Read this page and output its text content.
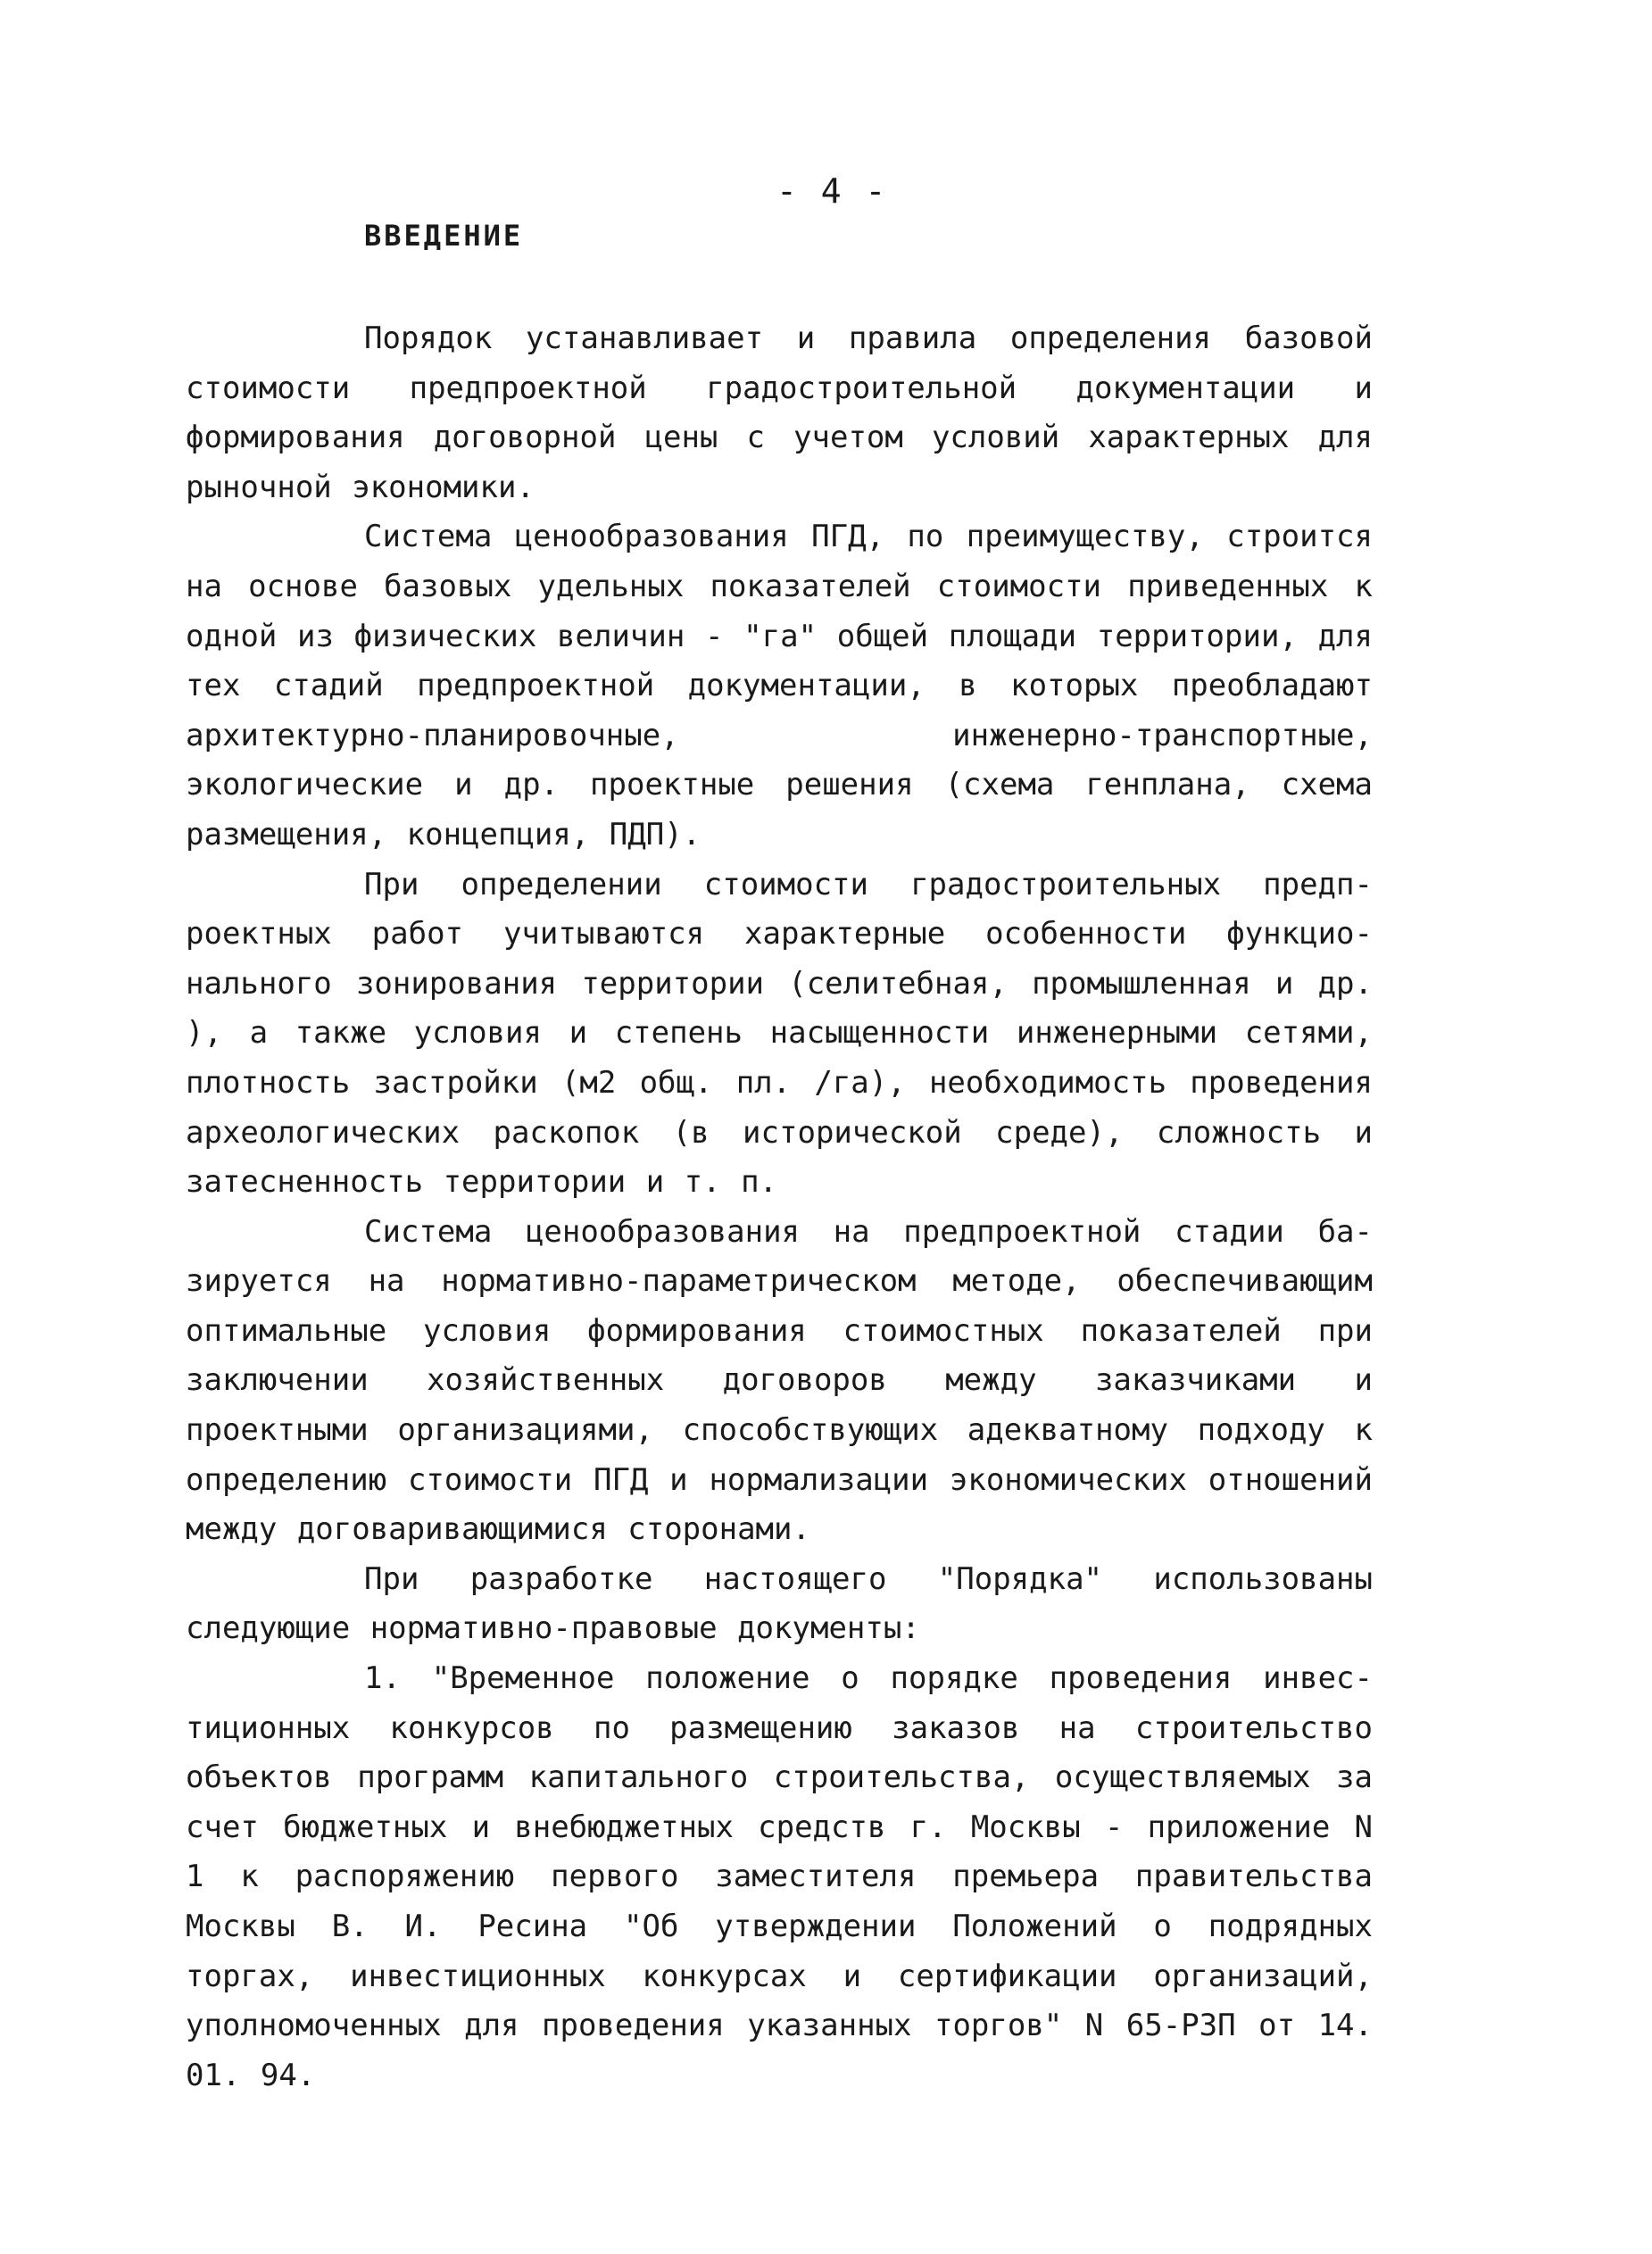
- 4 -
ВВЕДЕНИЕ

Порядок устанавливает и правила определения базовой стоимости предпроектной градостроительной документации и формирования договорной цены с учетом условий характерных для рыночной экономики.

Система ценообразования ПГД, по преимуществу, строится на основе базовых удельных показателей стоимости приведенных к одной из физических величин - "га" общей площади территории, для тех стадий предпроектной документации, в которых преобладают архитектурно-планировочные, инженерно-транспортные, экологические и др. проектные решения (схема генплана, схема размещения, концепция, ПДП).

При определении стоимости градостроительных предпроектных работ учитываются характерные особенности функционального зонирования территории (селитебная, промышленная и др. ), а также условия и степень насыщенности инженерными сетями, плотность застройки (м2 общ. пл. /га), необходимость проведения археологических раскопок (в исторической среде), сложность и затесненность территории и т. п.

Система ценообразования на предпроектной стадии базируется на нормативно-параметрическом методе, обеспечивающим оптимальные условия формирования стоимостных показателей при заключении хозяйственных договоров между заказчиками и проектными организациями, способствующих адекватному подходу к определению стоимости ПГД и нормализации экономических отношений между договаривающимися сторонами.

При разработке настоящего "Порядка" использованы следующие нормативно-правовые документы:

1. "Временное положение о порядке проведения инвестиционных конкурсов по размещению заказов на строительство объектов программ капитального строительства, осуществляемых за счет бюджетных и внебюджетных средств г. Москвы - приложение N 1 к распоряжению первого заместителя премьера правительства Москвы В. И. Ресина "Об утверждении Положений о подрядных торгах, инвестиционных конкурсах и сертификации организаций, уполномоченных для проведения указанных торгов" N 65-РЗП от 14. 01. 94.
